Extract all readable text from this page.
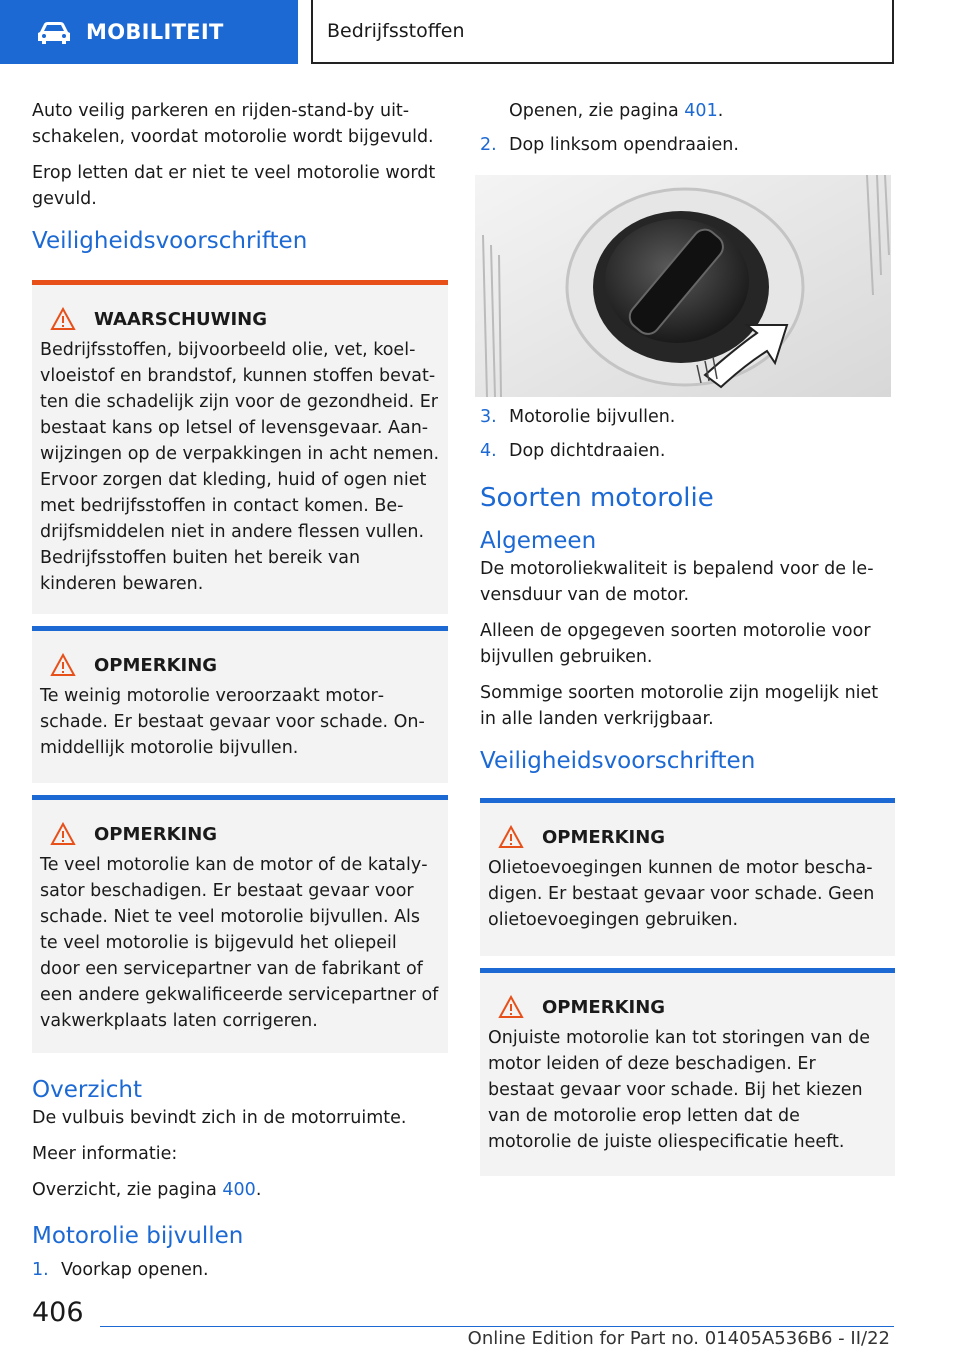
MOBILITEIT	Bedrijfsstoffen

Auto veilig parkeren en rijden-stand-by uitschakelen, voordat motorolie wordt bijgevuld.

Erop letten dat er niet te veel motorolie wordt gevuld.

Veiligheidsvoorschriften
WAARSCHUWING

Bedrijfsstoffen, bijvoorbeeld olie, vet, koelvloeistof en brandstof, kunnen stoffen bevatten die schadelijk zijn voor de gezondheid. Er bestaat kans op letsel of levensgevaar. Aanwijzingen op de verpakkingen in acht nemen. Ervoor zorgen dat kleding, huid of ogen niet met bedrijfsstoffen in contact komen. Bedrijfsmiddelen niet in andere flessen vullen. Bedrijfsstoffen buiten het bereik van kinderen bewaren.

OPMERKING

Te weinig motorolie veroorzaakt motorschade. Er bestaat gevaar voor schade. Onmiddellijk motorolie bijvullen.

OPMERKING

Te veel motorolie kan de motor of de katalysator beschadigen. Er bestaat gevaar voor schade. Niet te veel motorolie bijvullen. Als te veel motorolie is bijgevuld het oliepeil door een servicepartner van de fabrikant of een andere gekwalificeerde servicepartner of vakwerkplaats laten corrigeren.

Overzicht

De vulbuis bevindt zich in de motorruimte.

Meer informatie:

Overzicht, zie pagina 400.

Motorolie bijvullen
1. Voorkap openen.
Openen, zie pagina 401.
2. Dop linksom opendraaien.
3. Motorolie bijvullen.
4. Dop dichtdraaien.
Soorten motorolie
Algemeen

De motoroliekwaliteit is bepalend voor de levensduur van de motor.

Alleen de opgegeven soorten motorolie voor bijvullen gebruiken.

Sommige soorten motorolie zijn mogelijk niet in alle landen verkrijgbaar.

Veiligheidsvoorschriften
OPMERKING

Olietoevoegingen kunnen de motor beschadigen. Er bestaat gevaar voor schade. Geen olietoevoegingen gebruiken.

OPMERKING

Onjuiste motorolie kan tot storingen van de motor leiden of deze beschadigen. Er bestaat gevaar voor schade. Bij het kiezen van de motorolie erop letten dat de motorolie de juiste oliespecificatie heeft.

406
Online Edition for Part no. 01405A536B6 - II/22
